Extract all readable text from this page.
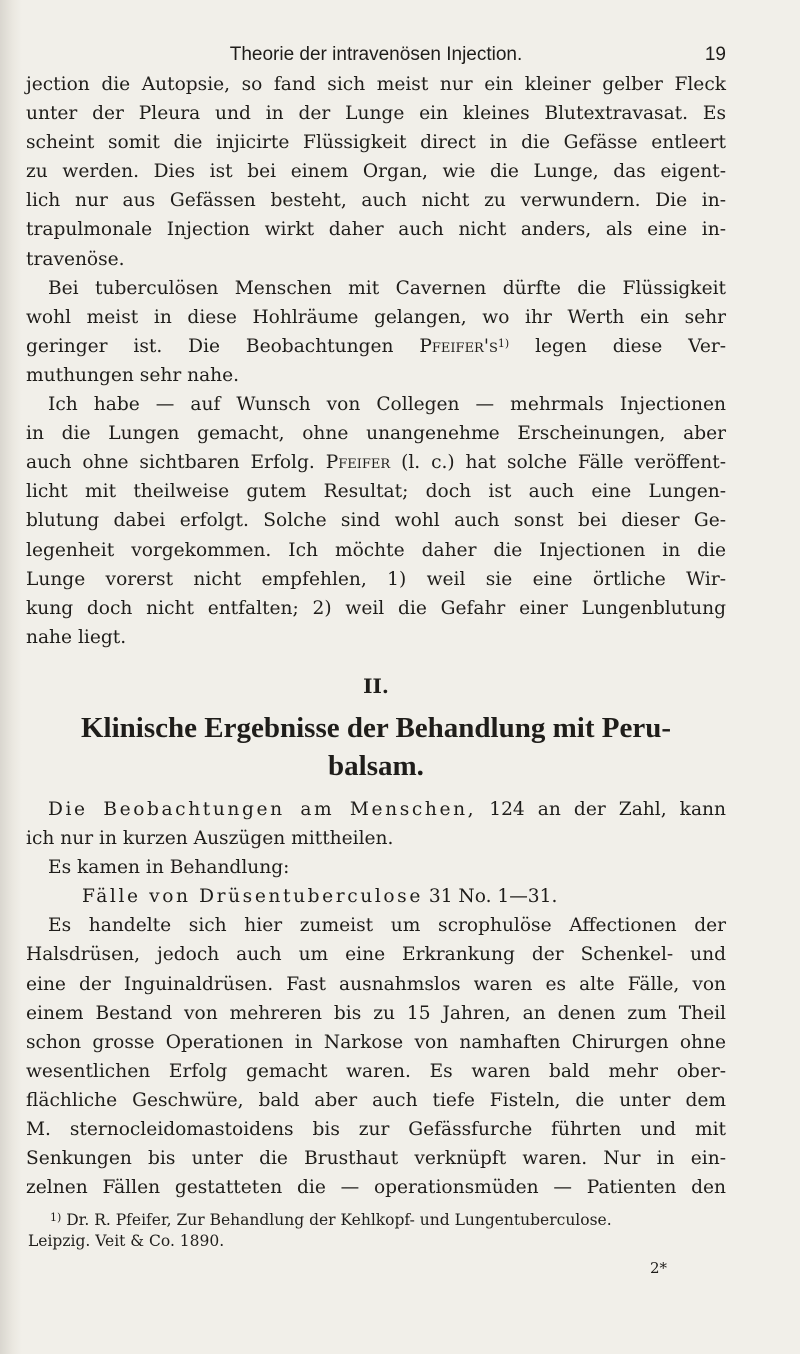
Theorie der intravenösen Injection.	19

jection die Autopsie, so fand sich meist nur ein kleiner gelber Fleck
unter der Pleura und in der Lunge ein kleines Blutextravasat. Es
scheint somit die injicirte Flüssigkeit direct in die Gefässe entleert
zu werden. Dies ist bei einem Organ, wie die Lunge, das eigent-
lich nur aus Gefässen besteht, auch nicht zu verwundern. Die in-
trapulmonale Injection wirkt daher auch nicht anders, als eine in-
travenöse.

Bei tuberculösen Menschen mit Cavernen dürfte die Flüssigkeit
wohl meist in diese Hohlräume gelangen, wo ihr Werth ein sehr
geringer ist. Die Beobachtungen $Pfeifer's^{1)}$ legen diese Ver-
muthungen sehr nahe.

Ich habe — auf Wunsch von Collegen — mehrmals Injectionen
in die Lungen gemacht, ohne unangenehme Erscheinungen, aber
auch ohne sichtbaren Erfolg. Pfeifer (l. c.) hat solche Fälle veröffent-
licht mit theilweise gutem Resultat; doch ist auch eine Lungen-
blutung dabei erfolgt. Solche sind wohl auch sonst bei dieser Ge-
legenheit vorgekommen. Ich möchte daher die Injectionen in die
Lunge vorerst nicht empfehlen, 1) weil sie eine örtliche Wir-
kung doch nicht entfalten; 2) weil die Gefahr einer Lungenblutung
nahe liegt.

II.
Klinische Ergebnisse der Behandlung mit Peru-
balsam.

Die Beobachtungen am Menschen, 124 an der Zahl, kann
ich nur in kurzen Auszügen mittheilen.

Es kamen in Behandlung:

Fälle von Drüsentuberculose 31 No. 1—31.

Es handelte sich hier zumeist um scrophulöse Affectionen der
Halsdrüsen, jedoch auch um eine Erkrankung der Schenkel- und
eine der Inguinaldrüsen. Fast ausnahmslos waren es alte Fälle, von
einem Bestand von mehreren bis zu 15 Jahren, an denen zum Theil
schon grosse Operationen in Narkose von namhaften Chirurgen ohne
wesentlichen Erfolg gemacht waren. Es waren bald mehr ober-
flächliche Geschwüre, bald aber auch tiefe Fisteln, die unter dem
M. sternocleidomastoidens bis zur Gefässfurche führten und mit
Senkungen bis unter die Brusthaut verknüpft waren. Nur in ein-
zelnen Fällen gestatteten die — operationsmüden — Patienten den

$^{1)}$ Dr. R. Pfeifer, Zur Behandlung der Kehlkopf- und Lungentuberculose.
Leipzig. Veit & Co. 1890.
2*
